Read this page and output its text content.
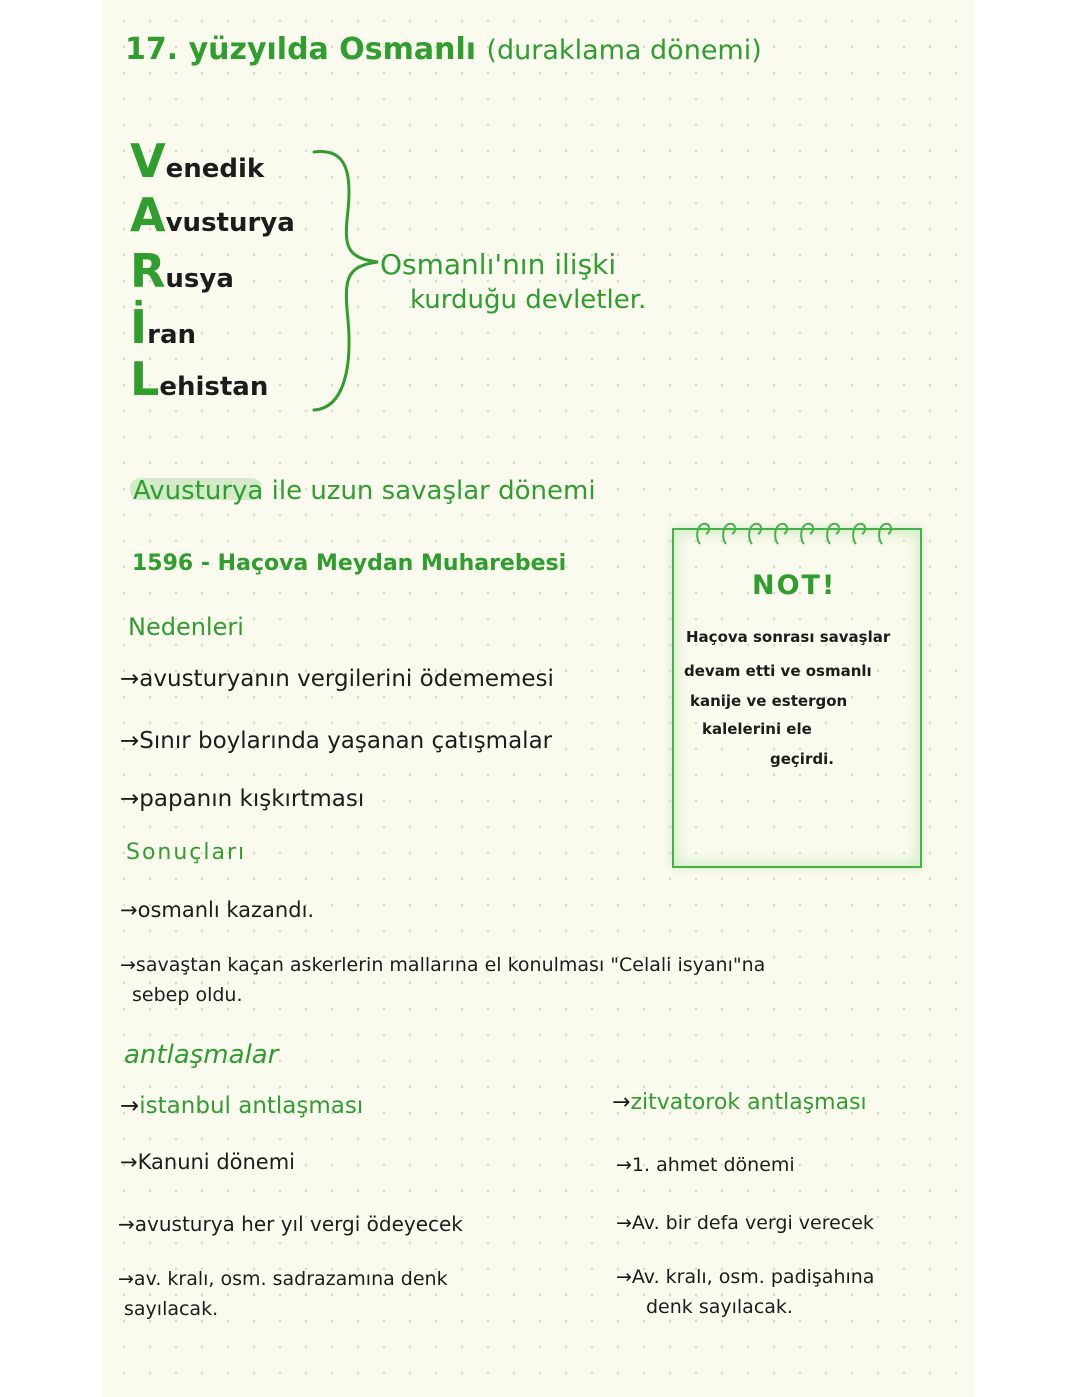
17. yüzyılda Osmanlı (duraklama dönemi)
Venedik
Avusturya
Rusya
İran
Lehistan
Osmanlı'nın ilişki
kurduğu devletler.
Avusturya ile uzun savaşlar dönemi
1596 - Haçova Meydan Muharebesi
Nedenleri
→avusturyanın vergilerini ödememesi
→Sınır boylarında yaşanan çatışmalar
→papanın kışkırtması
Sonuçları
→osmanlı kazandı.
→savaştan kaçan askerlerin mallarına el konulması "Celali isyanı"na
sebep oldu.
NOT!
Haçova sonrası savaşlar
devam etti ve osmanlı
kanije ve estergon
kalelerini ele
geçirdi.
antlaşmalar
→istanbul antlaşması
→Kanuni dönemi
→avusturya her yıl vergi ödeyecek
→av. kralı, osm. sadrazamına denk
sayılacak.
→zitvatorok antlaşması
→1. ahmet dönemi
→Av. bir defa vergi verecek
→Av. kralı, osm. padişahına
denk sayılacak.
